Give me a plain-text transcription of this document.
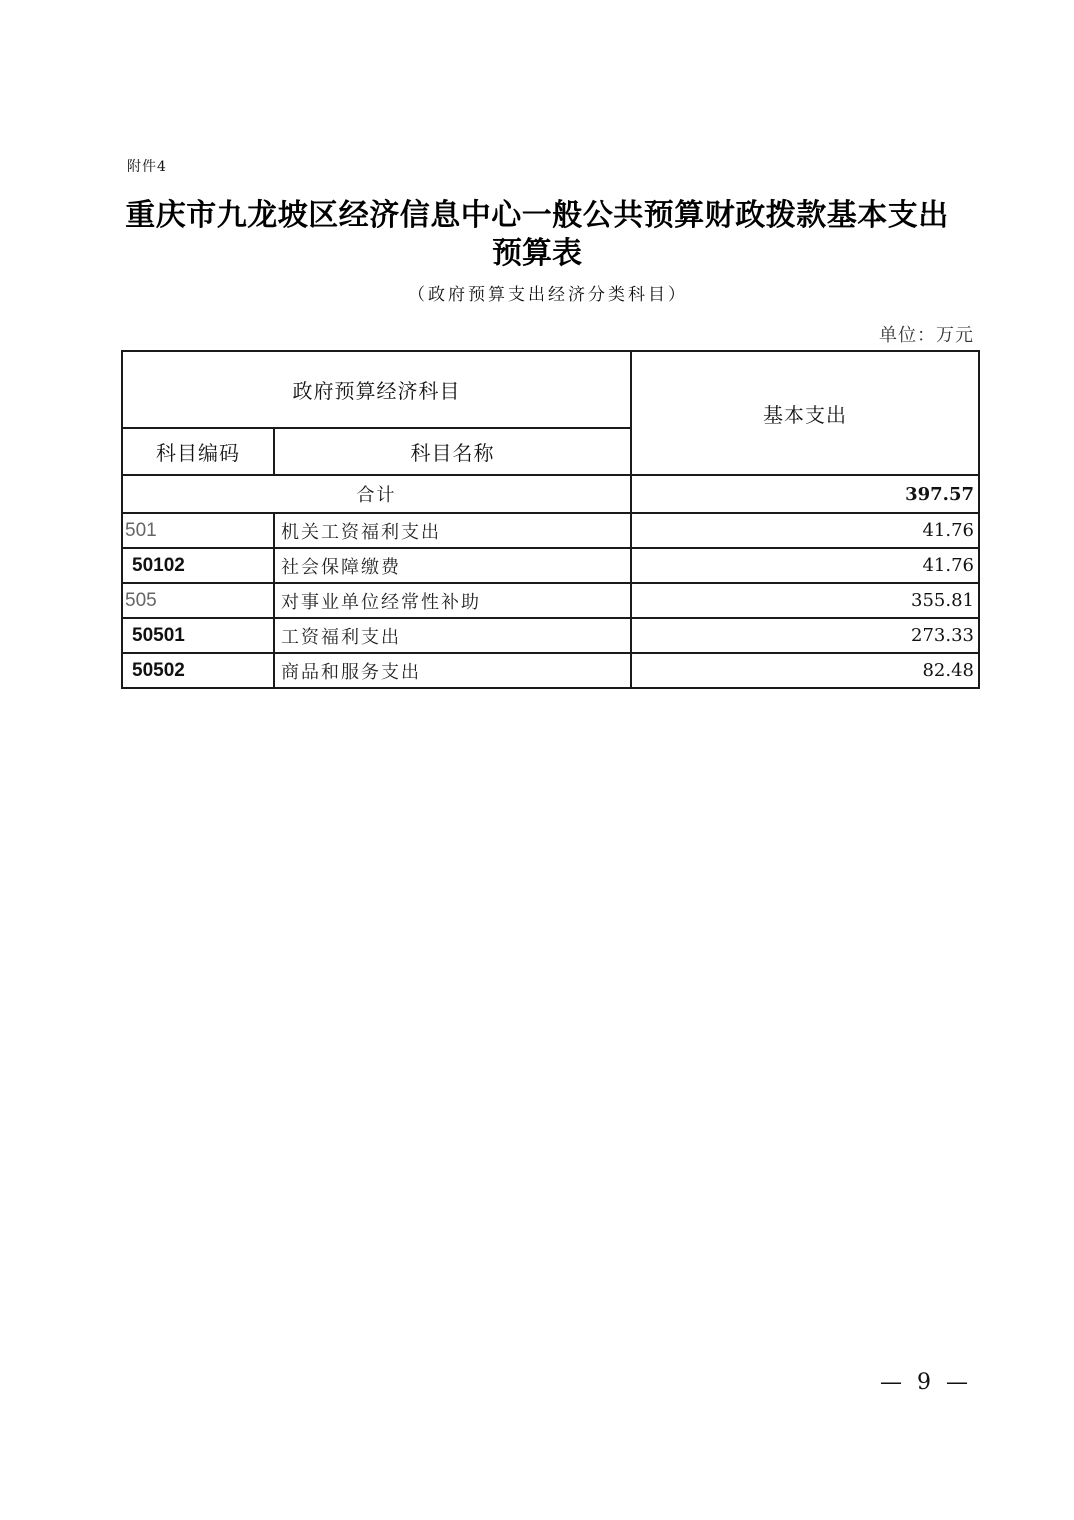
附件4
重庆市九龙坡区经济信息中心一般公共预算财政拨款基本支出
预算表
（政府预算支出经济分类科目）
单位：万元
政府预算经济科目		基本支出
科目编码	科目名称	
合计		397.57
501	机关工资福利支出	41.76
50102	社会保障缴费	41.76
505	对事业单位经常性补助	355.81
50501	工资福利支出	273.33
50502	商品和服务支出	82.48
— 9 —
